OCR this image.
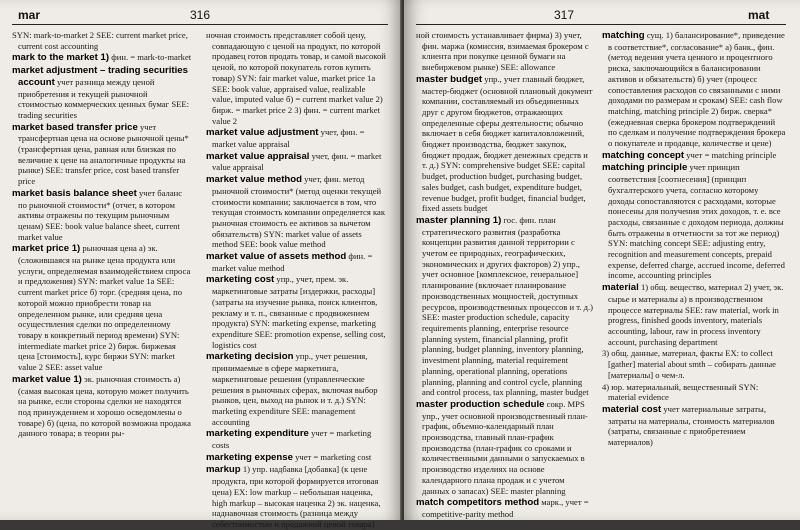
mar	316
SYN: mark-to-market 2 SEE: current market price, current cost accounting
mark to the market 1) фин. = mark-to-market
market adjustment – trading securities account учет разница между ценой приобретения и текущей рыночной стоимостью коммерческих ценных бумаг SEE: trading securities
market based transfer price учет трансфертная цена на основе рыночной цены* (трансфертная цена, равная или близкая по величине к цене на аналогичные продукты на рынке) SEE: transfer price, cost based transfer price
market basis balance sheet учет баланс по рыночной стоимости* (отчет, в котором активы отражены по текущим рыночным ценам) SEE: book value balance sheet, current market value
market price 1) рыночная цена а) эк. (сложившаяся на рынке цена продукта или услуги, определяемая взаимодействием спроса и предложения) SYN: market value 1a SEE: current market price б) торг. (средняя цена, по которой можно приобрести товар на определенном рынке, или средняя цена осуществления сделки по определенному товару в конкретный период времени) SYN: intermediate market price 2) бирж. биржевая цена [стоимость], курс биржи SYN: market value 2 SEE: asset value
market value 1) эк. рыночная стоимость а) (самая высокая цена, которую может получить на рынке, если стороны сделки не находятся под принуждением и хорошо осведомлены о товаре) б) (цена, по которой возможна продажа данного товара; в теории ры-
ночная стоимость представляет собой цену, совпадающую с ценой на продукт, по которой продавец готов продать товар, и самой высокой ценой, по которой покупатель готов купить товар) SYN: fair market value, market price 1a SEE: book value, appraised value, realizable value, imputed value б) = current market value 2) бирж. = market price 2 3) фин. = current market value 2
market value adjustment учет, фин. = market value appraisal
market value appraisal учет, фин. = market value appraisal
market value method учет, фин. метод рыночной стоимости* (метод оценки текущей стоимости компании; заключается в том, что текущая стоимость компании определяется как рыночная стоимость ее активов за вычетом обязательств) SYN: market value of assets method SEE: book value method
market value of assets method фин. = market value method
marketing cost упр., учет, прем. эк. маркетинговые затраты [издержки, расходы] (затраты на изучение рынка, поиск клиентов, рекламу и т. п., связанные с продвижением продукта) SYN: marketing expense, marketing expenditure SEE: promotion expense, selling cost, logistics cost
marketing decision упр., учет решения, принимаемые в сфере маркетинга, маркетинговые решения (управленческие решения в рыночных сферах, включая выбор рынков, цен, выход на рынок и т. д.) SYN: marketing expenditure SEE: management accounting
marketing expenditure учет = marketing costs
marketing expense учет = marketing cost
markup 1) упр. надбавка [добавка] (к цене продукта, при которой формируется итоговая цена) EX: low markup – небольшая наценка, high markup – высокая наценка 2) эк. наценка, наднавочная стоимость (разница между себестоимостью и продажной ценой товара)
317	mat
ной стоимость устанавливает фирма) 3) учет, фин. маржа (комиссия, взимаемая брокером с клиента при покупке ценной бумаги на внебиржевом рынке) SEE: allowance
master budget упр., учет главный бюджет, мастер-бюджет (основной плановый документ компании, составляемый из объединенных друг с другом бюджетов, отражающих определенные сферы деятельности; обычно включает в себя бюджет капиталовложений, бюджет производства, бюджет закупок, бюджет продаж, бюджет денежных средств и т. д.) SYN: comprehensive budget SEE: capital budget, production budget, purchasing budget, sales budget, cash budget, expenditure budget, revenue budget, profit budget, financial budget, fixed assets budget
master planning 1) гос. фин. план стратегического развития (разработка концепции развития данной территории с учетом ее природных, географических, экономических и других факторов) 2) упр., учет основное [комплексное, генеральное] планирование (включает планирование производственных мощностей, доступных ресурсов, производственных процессов и т. д.) SEE: master production schedule, capacity requirements planning, enterprise resource planning system, financial planning, profit planning, budget planning, inventory planning, investment planning, material requirement planning, operational planning, operations planning, planning and control cycle, planning and control process, tax planning, master budget
master production schedule сокр. MPS упр., учет основной производственный план-график, объемно-календарный план производства, главный план-график производства (план-график со сроками и количественными данными о запускаемых в производство изделиях на основе календарного плана продаж и с учетом данных о запасах) SEE: master planning
match competitors method марк., учет = competitive-parity method
matching сущ. 1) балансирование*, приведение в соответствие*, согласование* а) банк., фин. (метод ведения учета ценного и процентного риска, заключающийся в балансировании активов и обязательств) б) учет (процесс сопоставления расходов со связанными с ними доходами по размерам и срокам) SEE: cash flow matching, matching principle 2) бирж. сверка* (ежедневная сверка брокером подтверждений по сделкам и получение подтверждения брокера о покупателе и продавце, количестве и цене)
matching concept учет = matching principle
matching principle учет принцип соответствия [соотнесения] (принцип бухгалтерского учета, согласно которому доходы сопоставляются с расходами, которые понесены для получения этих доходов, т. е. все расходы, связанные с доходом периода, должны быть отражены в отчетности за тот же период) SYN: matching concept SEE: adjusting entry, recognition and measurement concepts, prepaid expense, deferred charge, accrued income, deferred income, accounting principles
material 1) общ. вещество, материал 2) учет, эк. сырье и материалы а) в производственном процессе материалы SEE: raw material, work in progress, finished goods inventory, materials accounting, labour, raw in process inventory account, purchasing department
3) общ. данные, материал, факты EX: to collect [gather] material about smth – собирать данные [материалы] о чем-л.
4) юр. материальный, вещественный SYN: material evidence
material cost учет материальные затраты, затраты на материалы, стоимость материалов (затраты, связанные с приобретением материалов)
